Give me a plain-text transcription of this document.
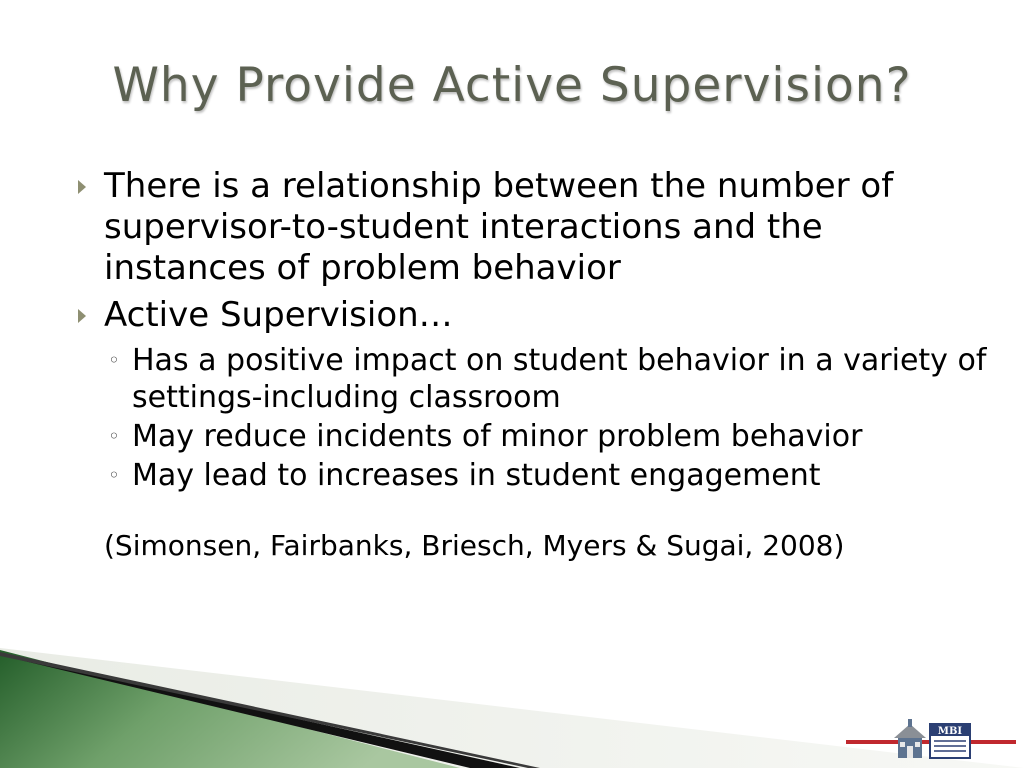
Why Provide Active Supervision?
There is a relationship between the number of supervisor-to-student interactions and the instances of problem behavior
Active Supervision…
◦ Has a positive impact on student behavior in a variety of settings-including classroom
◦ May reduce incidents of minor problem behavior
◦ May lead to increases in student engagement
(Simonsen, Fairbanks, Briesch, Myers & Sugai, 2008)
MBI
